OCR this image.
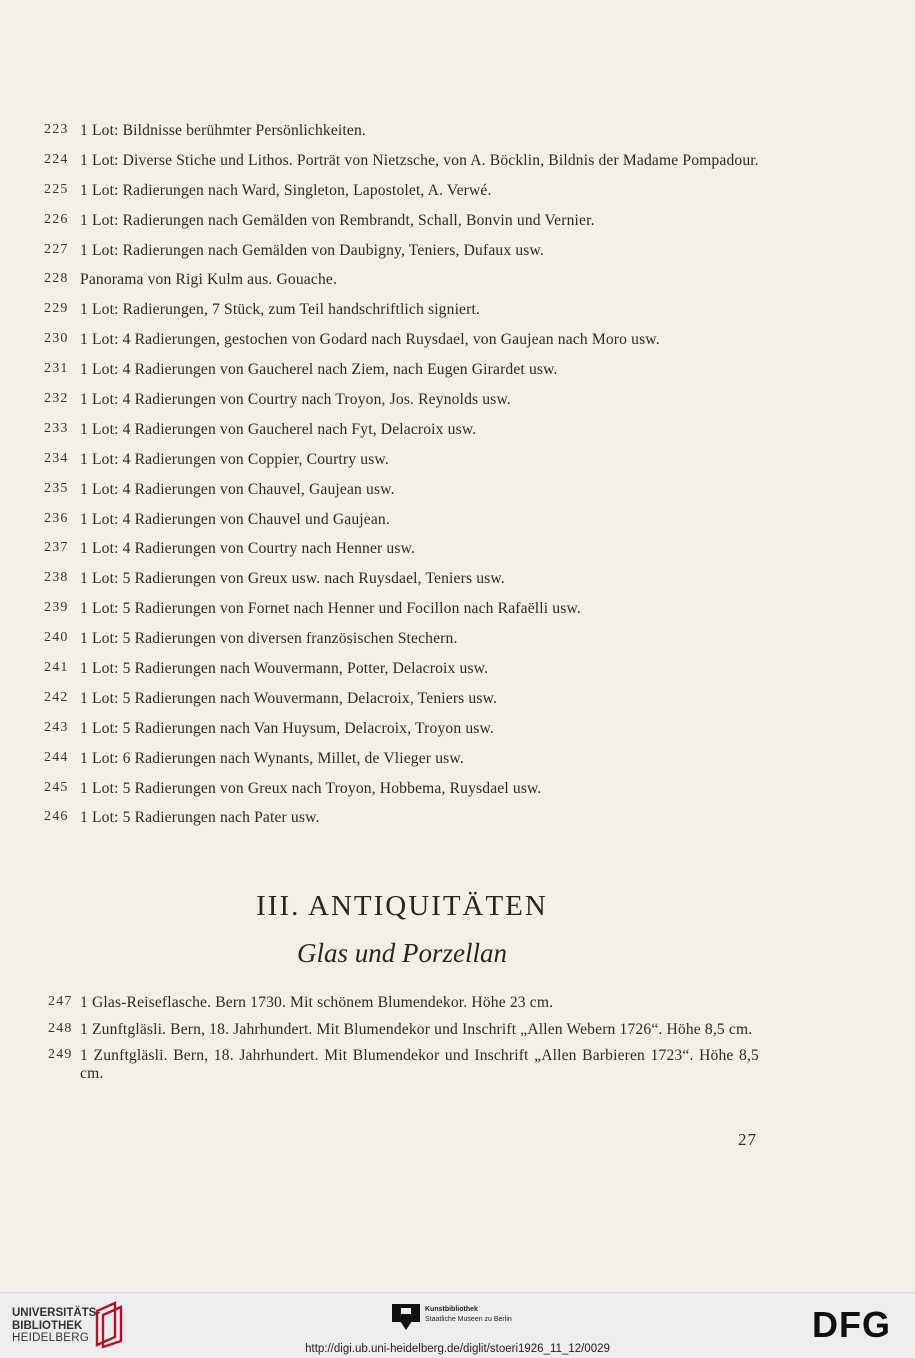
223 1 Lot: Bildnisse berühmter Persönlichkeiten.
224 1 Lot: Diverse Stiche und Lithos. Porträt von Nietzsche, von A. Böcklin, Bildnis der Madame Pompadour.
225 1 Lot: Radierungen nach Ward, Singleton, Lapostolet, A. Verwé.
226 1 Lot: Radierungen nach Gemälden von Rembrandt, Schall, Bonvin und Vernier.
227 1 Lot: Radierungen nach Gemälden von Daubigny, Teniers, Dufaux usw.
228 Panorama von Rigi Kulm aus. Gouache.
229 1 Lot: Radierungen, 7 Stück, zum Teil handschriftlich signiert.
230 1 Lot: 4 Radierungen, gestochen von Godard nach Ruysdael, von Gaujean nach Moro usw.
231 1 Lot: 4 Radierungen von Gaucherel nach Ziem, nach Eugen Girardet usw.
232 1 Lot: 4 Radierungen von Courtry nach Troyon, Jos. Reynolds usw.
233 1 Lot: 4 Radierungen von Gaucherel nach Fyt, Delacroix usw.
234 1 Lot: 4 Radierungen von Coppier, Courtry usw.
235 1 Lot: 4 Radierungen von Chauvel, Gaujean usw.
236 1 Lot: 4 Radierungen von Chauvel und Gaujean.
237 1 Lot: 4 Radierungen von Courtry nach Henner usw.
238 1 Lot: 5 Radierungen von Greux usw. nach Ruysdael, Teniers usw.
239 1 Lot: 5 Radierungen von Fornet nach Henner und Focillon nach Rafaëlli usw.
240 1 Lot: 5 Radierungen von diversen französischen Stechern.
241 1 Lot: 5 Radierungen nach Wouvermann, Potter, Delacroix usw.
242 1 Lot: 5 Radierungen nach Wouvermann, Delacroix, Teniers usw.
243 1 Lot: 5 Radierungen nach Van Huysum, Delacroix, Troyon usw.
244 1 Lot: 6 Radierungen nach Wynants, Millet, de Vlieger usw.
245 1 Lot: 5 Radierungen von Greux nach Troyon, Hobbema, Ruysdael usw.
246 1 Lot: 5 Radierungen nach Pater usw.
III. ANTIQUITÄTEN
Glas und Porzellan
247 1 Glas-Reiseflasche. Bern 1730. Mit schönem Blumendekor. Höhe 23 cm.
248 1 Zunftgläsli. Bern, 18. Jahrhundert. Mit Blumendekor und Inschrift „Allen Webern 1726“. Höhe 8,5 cm.
249 1 Zunftgläsli. Bern, 18. Jahrhundert. Mit Blumendekor und Inschrift „Allen Barbieren 1723“. Höhe 8,5 cm.
27
UNIVERSITÄTS-
BIBLIOTHEK
HEIDELBERG
Kunstbibliothek
Staatliche Museen zu Berlin	DFG
http://digi.ub.uni-heidelberg.de/diglit/stoeri1926_11_12/0029
